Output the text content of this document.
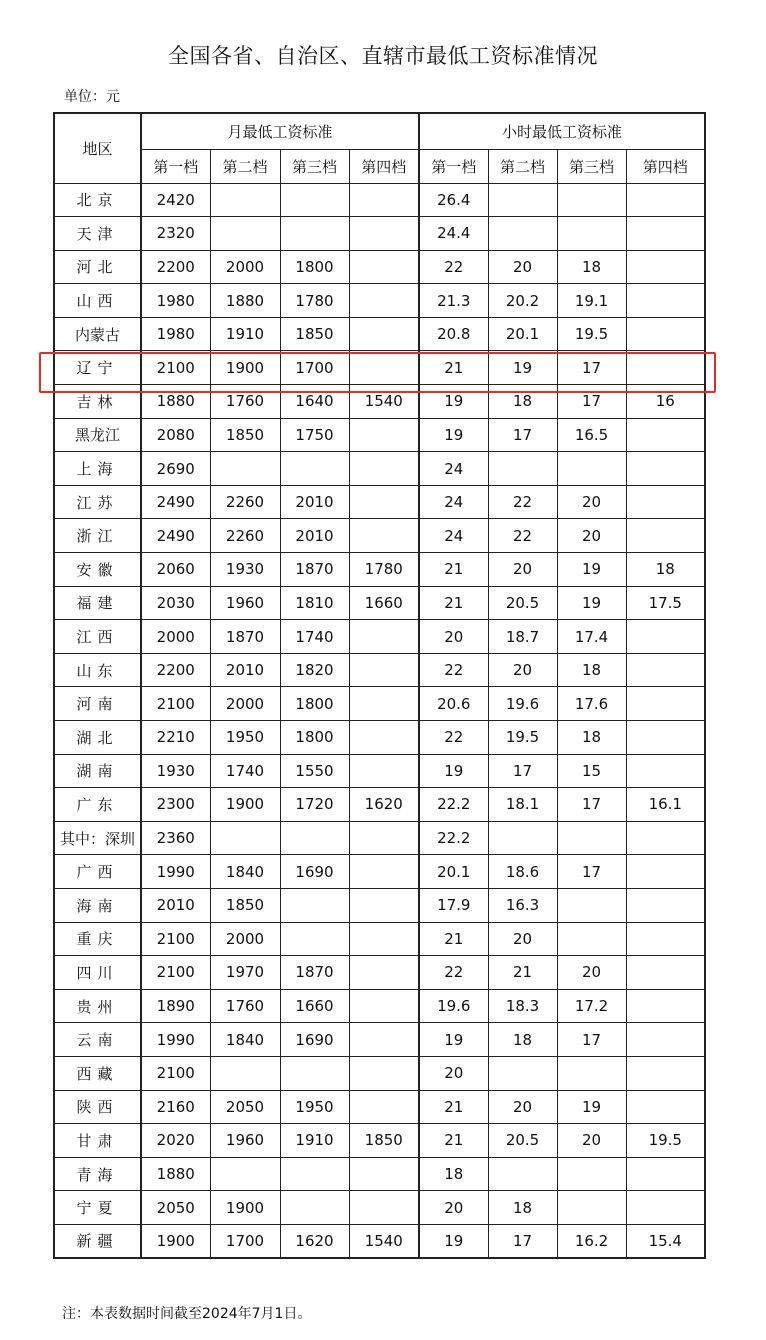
全国各省、自治区、直辖市最低工资标准情况
单位：元
地区	月最低工资标准				小时最低工资标准			
	第一档	第二档	第三档	第四档	第一档	第二档	第三档	第四档
北京	2420				26.4			
天津	2320				24.4			
河北	2200	2000	1800		22	20	18	
山西	1980	1880	1780		21.3	20.2	19.1	
内蒙古	1980	1910	1850		20.8	20.1	19.5	
辽宁	2100	1900	1700		21	19	17	
吉林	1880	1760	1640	1540	19	18	17	16
黑龙江	2080	1850	1750		19	17	16.5	
上海	2690				24			
江苏	2490	2260	2010		24	22	20	
浙江	2490	2260	2010		24	22	20	
安徽	2060	1930	1870	1780	21	20	19	18
福建	2030	1960	1810	1660	21	20.5	19	17.5
江西	2000	1870	1740		20	18.7	17.4	
山东	2200	2010	1820		22	20	18	
河南	2100	2000	1800		20.6	19.6	17.6	
湖北	2210	1950	1800		22	19.5	18	
湖南	1930	1740	1550		19	17	15	
广东	2300	1900	1720	1620	22.2	18.1	17	16.1
其中：深圳	2360				22.2			
广西	1990	1840	1690		20.1	18.6	17	
海南	2010	1850			17.9	16.3		
重庆	2100	2000			21	20		
四川	2100	1970	1870		22	21	20	
贵州	1890	1760	1660		19.6	18.3	17.2	
云南	1990	1840	1690		19	18	17	
西藏	2100				20			
陕西	2160	2050	1950		21	20	19	
甘肃	2020	1960	1910	1850	21	20.5	20	19.5
青海	1880				18			
宁夏	2050	1900			20	18		
新疆	1900	1700	1620	1540	19	17	16.2	15.4
注：本表数据时间截至2024年7月1日。
